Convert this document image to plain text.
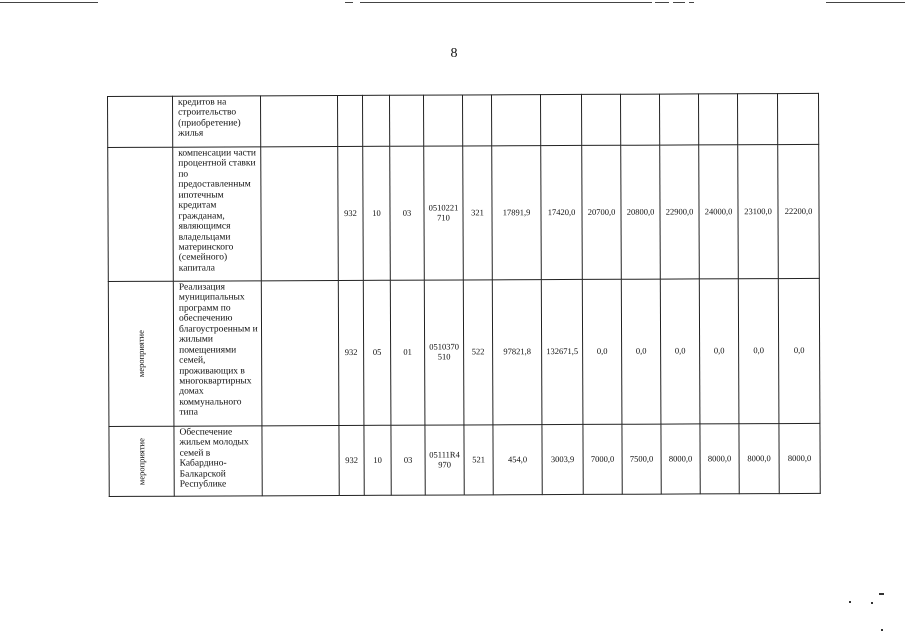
8
	кредитов на строительство (приобретение) жилья														
	компенсации части процентной ставки по предоставленным ипотечным кредитам гражданам, являющимся владельцами материнского (семейного) капитала		932	10	03	0510221 710	321	17891,9	17420,0	20700,0	20800,0	22900,0	24000,0	23100,0	22200,0
мероприятие	Реализация муниципальных программ по обеспечению благоустроенным и жилыми помещениями семей, проживающих в многоквартирных домах коммунального типа		932	05	01	0510370 510	522	97821,8	132671,5	0,0	0,0	0,0	0,0	0,0	0,0
мероприятие	Обеспечение жильем молодых семей в Кабардино-Балкарской Республике		932	10	03	05111R4 970	521	454,0	3003,9	7000,0	7500,0	8000,0	8000,0	8000,0	8000,0
